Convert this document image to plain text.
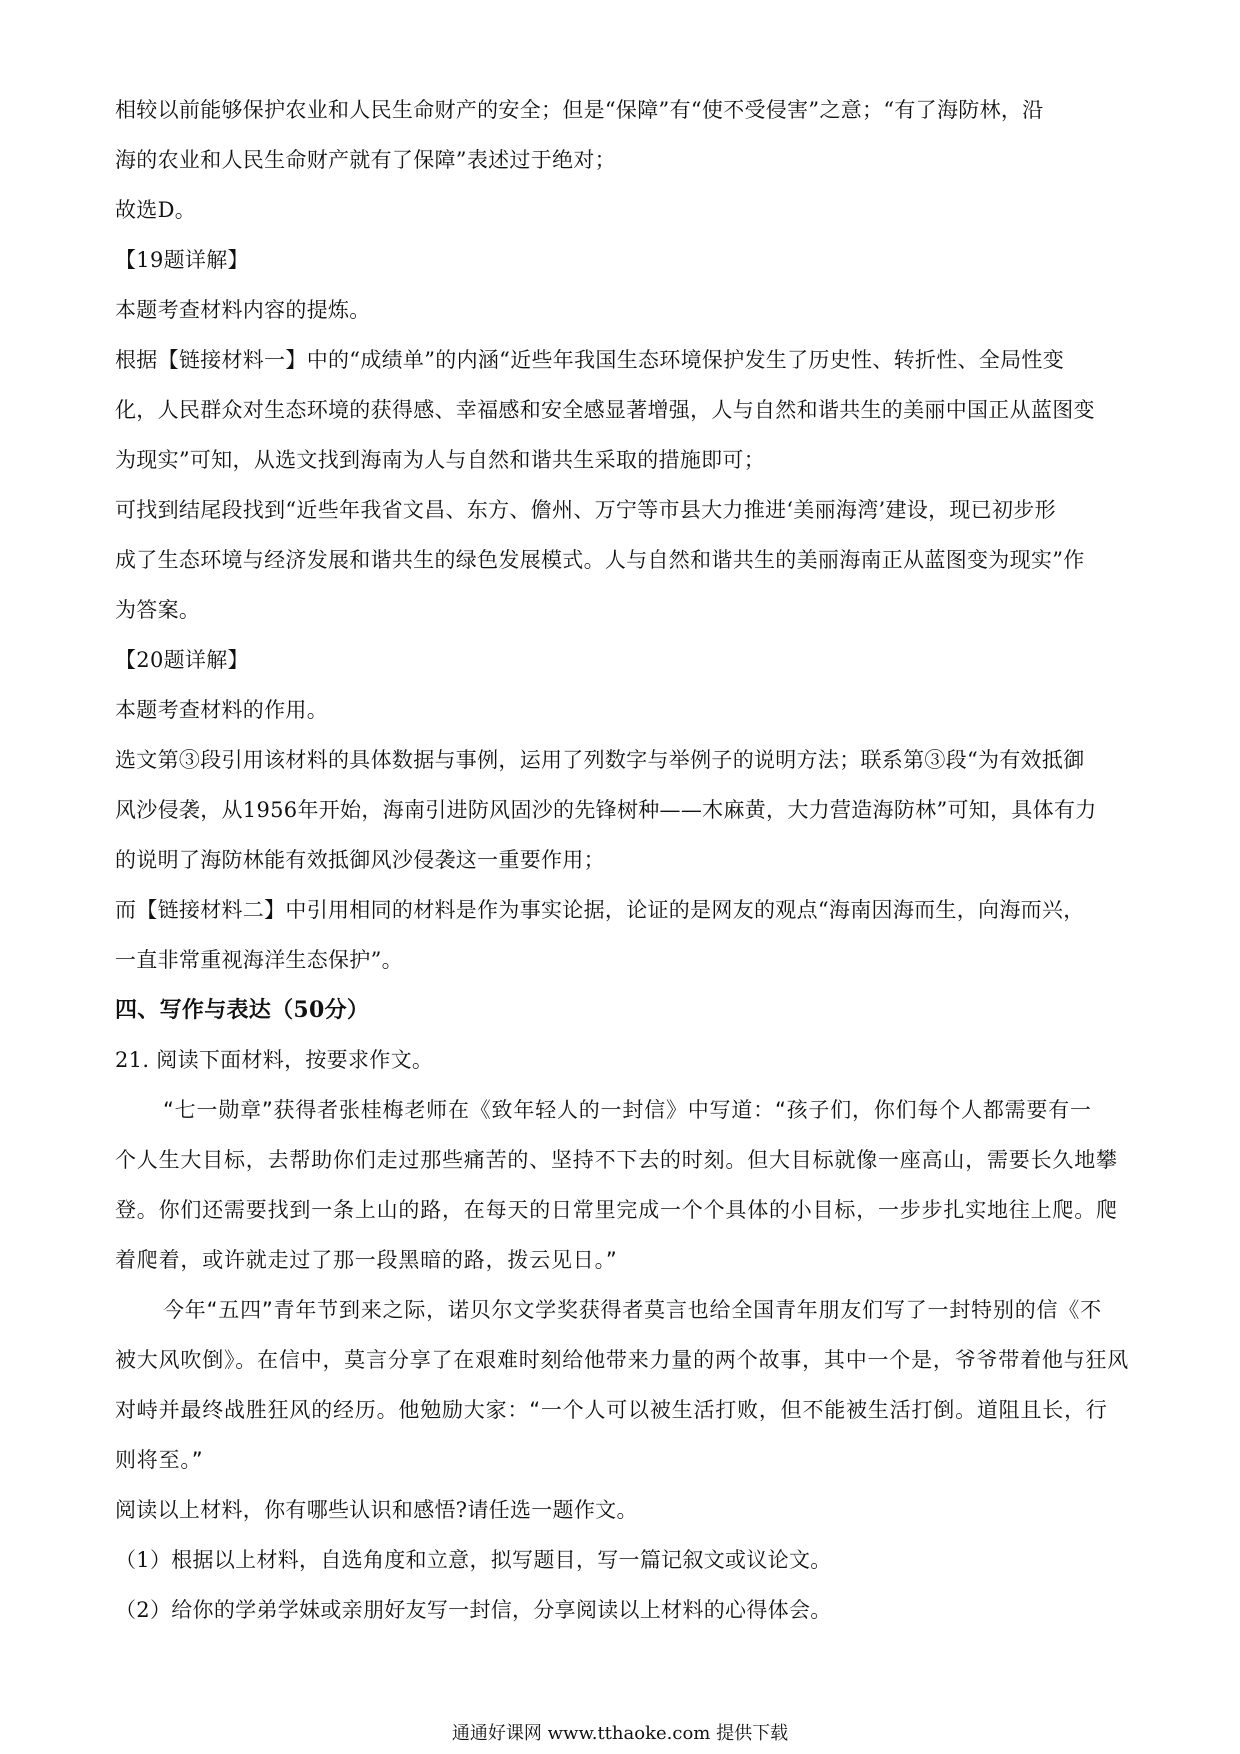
相较以前能够保护农业和人民生命财产的安全；但是“保障”有“使不受侵害”之意；“有了海防林，沿
海的农业和人民生命财产就有了保障”表述过于绝对；
故选D。
【19题详解】
本题考查材料内容的提炼。
根据【链接材料一】中的“成绩单”的内涵“近些年我国生态环境保护发生了历史性、转折性、全局性变
化，人民群众对生态环境的获得感、幸福感和安全感显著增强，人与自然和谐共生的美丽中国正从蓝图变
为现实”可知，从选文找到海南为人与自然和谐共生采取的措施即可；
可找到结尾段找到“近些年我省文昌、东方、儋州、万宁等市县大力推进‘美丽海湾’建设，现已初步形
成了生态环境与经济发展和谐共生的绿色发展模式。人与自然和谐共生的美丽海南正从蓝图变为现实”作
为答案。
【20题详解】
本题考查材料的作用。
选文第③段引用该材料的具体数据与事例，运用了列数字与举例子的说明方法；联系第③段“为有效抵御
风沙侵袭，从1956年开始，海南引进防风固沙的先锋树种——木麻黄，大力营造海防林”可知，具体有力
的说明了海防林能有效抵御风沙侵袭这一重要作用；
而【链接材料二】中引用相同的材料是作为事实论据，论证的是网友的观点“海南因海而生，向海而兴，
一直非常重视海洋生态保护”。
四、写作与表达（50分）
21. 阅读下面材料，按要求作文。
“七一勋章”获得者张桂梅老师在《致年轻人的一封信》中写道：“孩子们，你们每个人都需要有一
个人生大目标，去帮助你们走过那些痛苦的、坚持不下去的时刻。但大目标就像一座高山，需要长久地攀
登。你们还需要找到一条上山的路，在每天的日常里完成一个个具体的小目标，一步步扎实地往上爬。爬
着爬着，或许就走过了那一段黑暗的路，拨云见日。”
今年“五四”青年节到来之际，诺贝尔文学奖获得者莫言也给全国青年朋友们写了一封特别的信《不
被大风吹倒》。在信中，莫言分享了在艰难时刻给他带来力量的两个故事，其中一个是，爷爷带着他与狂风
对峙并最终战胜狂风的经历。他勉励大家：“一个人可以被生活打败，但不能被生活打倒。道阻且长，行
则将至。”
阅读以上材料，你有哪些认识和感悟?请任选一题作文。
（1）根据以上材料，自选角度和立意，拟写题目，写一篇记叙文或议论文。
（2）给你的学弟学妹或亲朋好友写一封信，分享阅读以上材料的心得体会。
通通好课网 www.tthaoke.com 提供下载
